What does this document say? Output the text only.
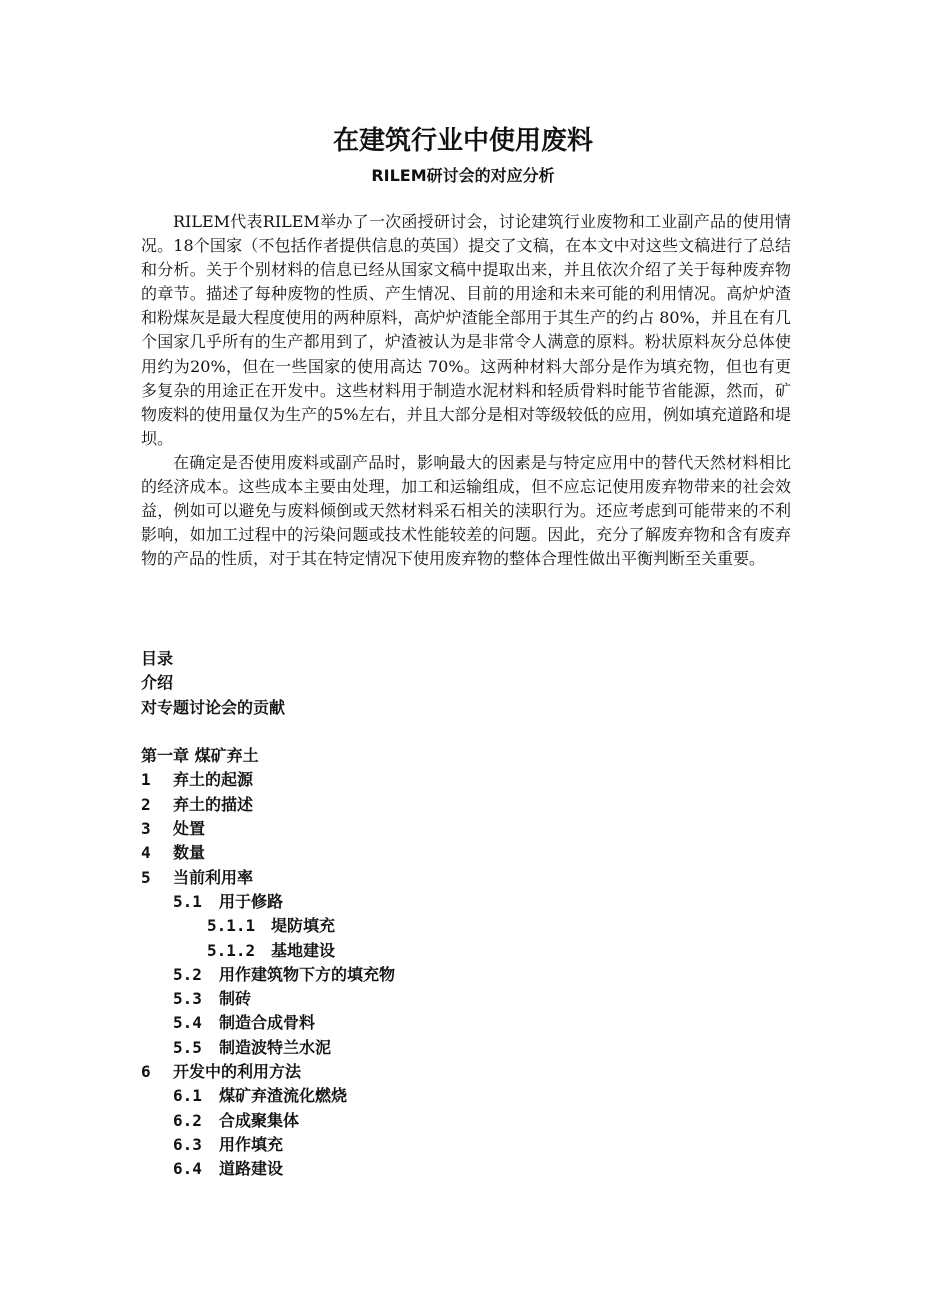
在建筑行业中使用废料
RILEM研讨会的对应分析

RILEM代表RILEM举办了一次函授研讨会，讨论建筑行业废物和工业副产品的使用情况。18个国家（不包括作者提供信息的英国）提交了文稿，在本文中对这些文稿进行了总结和分析。关于个别材料的信息已经从国家文稿中提取出来，并且依次介绍了关于每种废弃物的章节。描述了每种废物的性质、产生情况、目前的用途和未来可能的利用情况。高炉炉渣和粉煤灰是最大程度使用的两种原料，高炉炉渣能全部用于其生产的约占 80%，并且在有几个国家几乎所有的生产都用到了，炉渣被认为是非常令人满意的原料。粉状原料灰分总体使用约为20%，但在一些国家的使用高达 70%。这两种材料大部分是作为填充物，但也有更多复杂的用途正在开发中。这些材料用于制造水泥材料和轻质骨料时能节省能源，然而，矿物废料的使用量仅为生产的5%左右，并且大部分是相对等级较低的应用，例如填充道路和堤坝。

在确定是否使用废料或副产品时，影响最大的因素是与特定应用中的替代天然材料相比的经济成本。这些成本主要由处理，加工和运输组成，但不应忘记使用废弃物带来的社会效益，例如可以避免与废料倾倒或天然材料采石相关的渎职行为。还应考虑到可能带来的不利影响，如加工过程中的污染问题或技术性能较差的问题。因此，充分了解废弃物和含有废弃物的产品的性质，对于其在特定情况下使用废弃物的整体合理性做出平衡判断至关重要。

目录
介绍
对专题讨论会的贡献
第一章 煤矿弃土
1 弃土的起源
2 弃土的描述
3 处置
4 数量
5 当前利用率
5.1 用于修路
5.1.1 堤防填充
5.1.2 基地建设
5.2 用作建筑物下方的填充物
5.3 制砖
5.4 制造合成骨料
5.5 制造波特兰水泥
6 开发中的利用方法
6.1 煤矿弃渣流化燃烧
6.2 合成聚集体
6.3 用作填充
6.4 道路建设
